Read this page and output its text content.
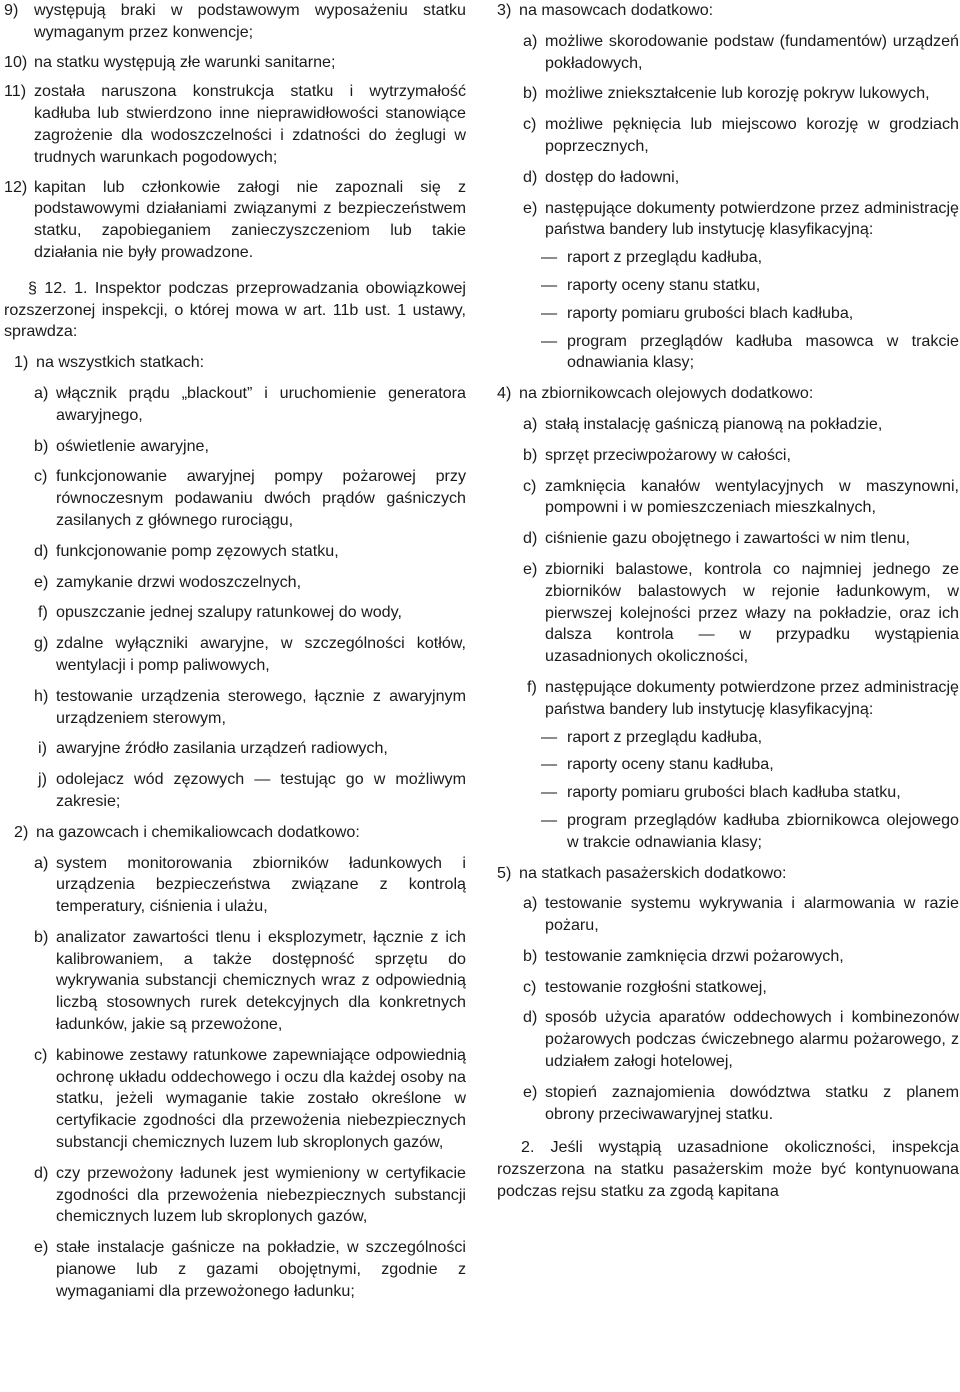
9) występują braki w podstawowym wyposażeniu statku wymaganym przez konwencje;
10) na statku występują złe warunki sanitarne;
11) została naruszona konstrukcja statku i wytrzymałość kadłuba lub stwierdzono inne nieprawidłowości stanowiące zagrożenie dla wodoszczelności i zdatności do żeglugi w trudnych warunkach pogodowych;
12) kapitan lub członkowie załogi nie zapoznali się z podstawowymi działaniami związanymi z bezpieczeństwem statku, zapobieganiem zanieczyszczeniom lub takie działania nie były prowadzone.
§ 12. 1. Inspektor podczas przeprowadzania obowiązkowej rozszerzonej inspekcji, o której mowa w art. 11b ust. 1 ustawy, sprawdza:
1) na wszystkich statkach:
a) włącznik prądu „blackout” i uruchomienie generatora awaryjnego,
b) oświetlenie awaryjne,
c) funkcjonowanie awaryjnej pompy pożarowej przy równoczesnym podawaniu dwóch prądów gaśniczych zasilanych z głównego rurociągu,
d) funkcjonowanie pomp zęzowych statku,
e) zamykanie drzwi wodoszczelnych,
f) opuszczanie jednej szalupy ratunkowej do wody,
g) zdalne wyłączniki awaryjne, w szczególności kotłów, wentylacji i pomp paliwowych,
h) testowanie urządzenia sterowego, łącznie z awaryjnym urządzeniem sterowym,
i) awaryjne źródło zasilania urządzeń radiowych,
j) odolejacz wód zęzowych — testując go w możliwym zakresie;
2) na gazowcach i chemikaliowcach dodatkowo:
a) system monitorowania zbiorników ładunkowych i urządzenia bezpieczeństwa związane z kontrolą temperatury, ciśnienia i ulażu,
b) analizator zawartości tlenu i eksplozymetr, łącznie z ich kalibrowaniem, a także dostępność sprzętu do wykrywania substancji chemicznych wraz z odpowiednią liczbą stosownych rurek detekcyjnych dla konkretnych ładunków, jakie są przewożone,
c) kabinowe zestawy ratunkowe zapewniające odpowiednią ochronę układu oddechowego i oczu dla każdej osoby na statku, jeżeli wymaganie takie zostało określone w certyfikacie zgodności dla przewożenia niebezpiecznych substancji chemicznych luzem lub skroplonych gazów,
d) czy przewożony ładunek jest wymieniony w certyfikacie zgodności dla przewożenia niebezpiecznych substancji chemicznych luzem lub skroplonych gazów,
e) stałe instalacje gaśnicze na pokładzie, w szczególności pianowe lub z gazami obojętnymi, zgodnie z wymaganiami dla przewożonego ładunku;
3) na masowcach dodatkowo:
a) możliwe skorodowanie podstaw (fundamentów) urządzeń pokładowych,
b) możliwe zniekształcenie lub korozję pokryw lukowych,
c) możliwe pęknięcia lub miejscowo korozję w grodziach poprzecznych,
d) dostęp do ładowni,
e) następujące dokumenty potwierdzone przez administrację państwa bandery lub instytucję klasyfikacyjną:
— raport z przeglądu kadłuba,
— raporty oceny stanu statku,
— raporty pomiaru grubości blach kadłuba,
— program przeglądów kadłuba masowca w trakcie odnawiania klasy;
4) na zbiornikowcach olejowych dodatkowo:
a) stałą instalację gaśniczą pianową na pokładzie,
b) sprzęt przeciwpożarowy w całości,
c) zamknięcia kanałów wentylacyjnych w maszynowni, pompowni i w pomieszczeniach mieszkalnych,
d) ciśnienie gazu obojętnego i zawartości w nim tlenu,
e) zbiorniki balastowe, kontrola co najmniej jednego ze zbiorników balastowych w rejonie ładunkowym, w pierwszej kolejności przez włazy na pokładzie, oraz ich dalsza kontrola — w przypadku wystąpienia uzasadnionych okoliczności,
f) następujące dokumenty potwierdzone przez administrację państwa bandery lub instytucję klasyfikacyjną:
— raport z przeglądu kadłuba,
— raporty oceny stanu kadłuba,
— raporty pomiaru grubości blach kadłuba statku,
— program przeglądów kadłuba zbiornikowca olejowego w trakcie odnawiania klasy;
5) na statkach pasażerskich dodatkowo:
a) testowanie systemu wykrywania i alarmowania w razie pożaru,
b) testowanie zamknięcia drzwi pożarowych,
c) testowanie rozgłośni statkowej,
d) sposób użycia aparatów oddechowych i kombinezonów pożarowych podczas ćwiczebnego alarmu pożarowego, z udziałem załogi hotelowej,
e) stopień zaznajomienia dowództwa statku z planem obrony przeciwawaryjnej statku.
2. Jeśli wystąpią uzasadnione okoliczności, inspekcja rozszerzona na statku pasażerskim może być kontynuowana podczas rejsu statku za zgodą kapitana
